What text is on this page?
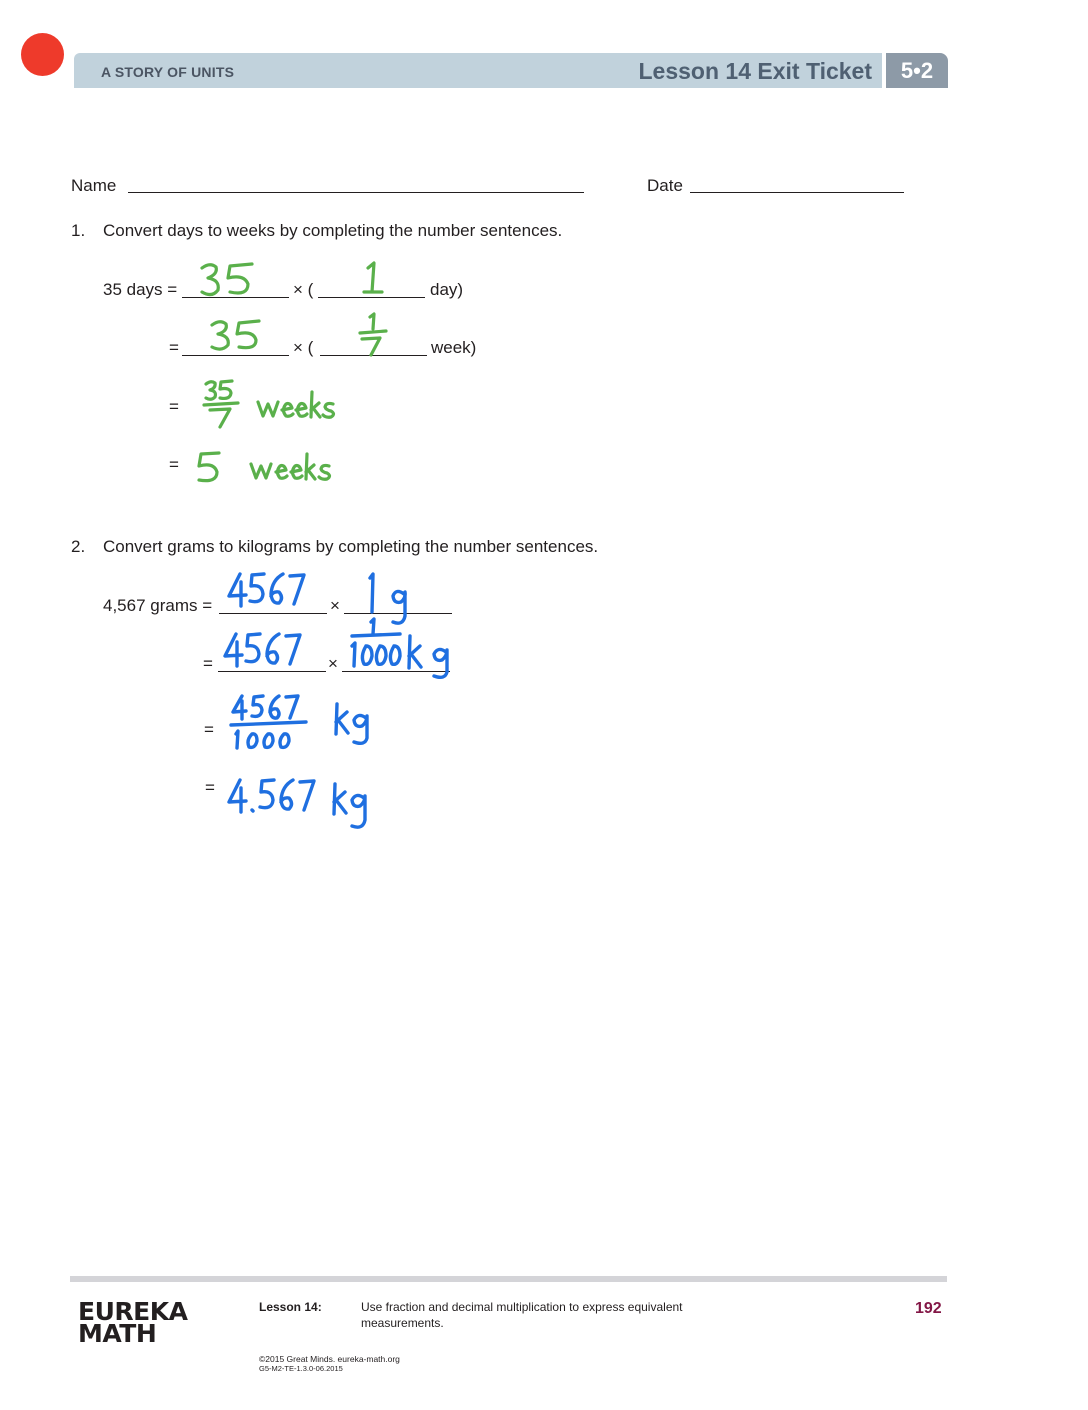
A STORY OF UNITS	Lesson 14 Exit Ticket	5•2
Name	Date
1. Convert days to weeks by completing the number sentences.
35 days =	× (	day)
=	× (	week)
=
=
2. Convert grams to kilograms by completing the number sentences.
4,567 grams =	×
=	×
=
=
EUREKA
MATH
Lesson 14:	Use fraction and decimal multiplication to express equivalent
measurements.
192
©2015 Great Minds. eureka-math.org
G5-M2-TE-1.3.0-06.2015
